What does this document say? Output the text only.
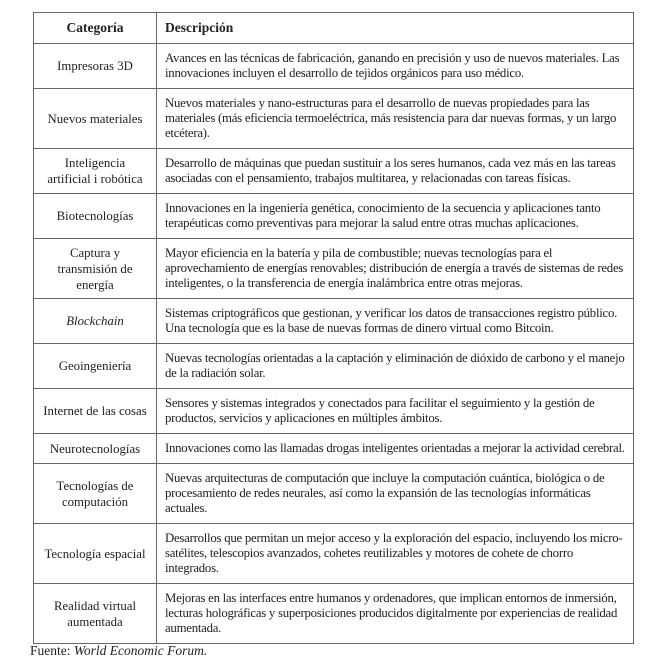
Categoría	Descripción
Impresoras 3D	Avances en las técnicas de fabricación, ganando en precisión y uso de nuevos materiales. Las innovaciones incluyen el desarrollo de tejidos orgánicos para uso médico.
Nuevos materiales	Nuevos materiales y nano-estructuras para el desarrollo de nuevas propiedades para las materiales (más eficiencia termoeléctrica, más resistencia para dar nuevas formas, y un largo etcétera).
Inteligencia artificial i robótica	Desarrollo de máquinas que puedan sustituir a los seres humanos, cada vez más en las tareas asociadas con el pensamiento, trabajos multitarea, y relacionadas con tareas físicas.
Biotecnologías	Innovaciones en la ingeniería genética, conocimiento de la secuencia y aplicaciones tanto terapéuticas como preventivas para mejorar la salud entre otras muchas aplicaciones.
Captura y transmisión de energía	Mayor eficiencia en la batería y pila de combustible; nuevas tecnologías para el aprovechamiento de energías renovables; distribución de energía a través de sistemas de redes inteligentes, o la transferencia de energía inalámbrica entre otras mejoras.
Blockchain	Sistemas criptográficos que gestionan, y verificar los datos de transacciones registro público. Una tecnología que es la base de nuevas formas de dinero virtual como Bitcoin.
Geoingeniería	Nuevas tecnologías orientadas a la captación y eliminación de dióxido de carbono y el manejo de la radiación solar.
Internet de las cosas	Sensores y sistemas integrados y conectados para facilitar el seguimiento y la gestión de productos, servicios y aplicaciones en múltiples ámbitos.
Neurotecnologías	Innovaciones como las llamadas drogas inteligentes orientadas a mejorar la actividad cerebral.
Tecnologías de computación	Nuevas arquitecturas de computación que incluye la computación cuántica, biológica o de procesamiento de redes neurales, así como la expansión de las tecnologías informáticas actuales.
Tecnología espacial	Desarrollos que permitan un mejor acceso y la exploración del espacio, incluyendo los micro-satélites, telescopios avanzados, cohetes reutilizables y motores de cohete de chorro integrados.
Realidad virtual aumentada	Mejoras en las interfaces entre humanos y ordenadores, que implican entornos de inmersión, lecturas holográficas y superposiciones producidos digitalmente por experiencias de realidad aumentada.
Fuente: World Economic Forum.
